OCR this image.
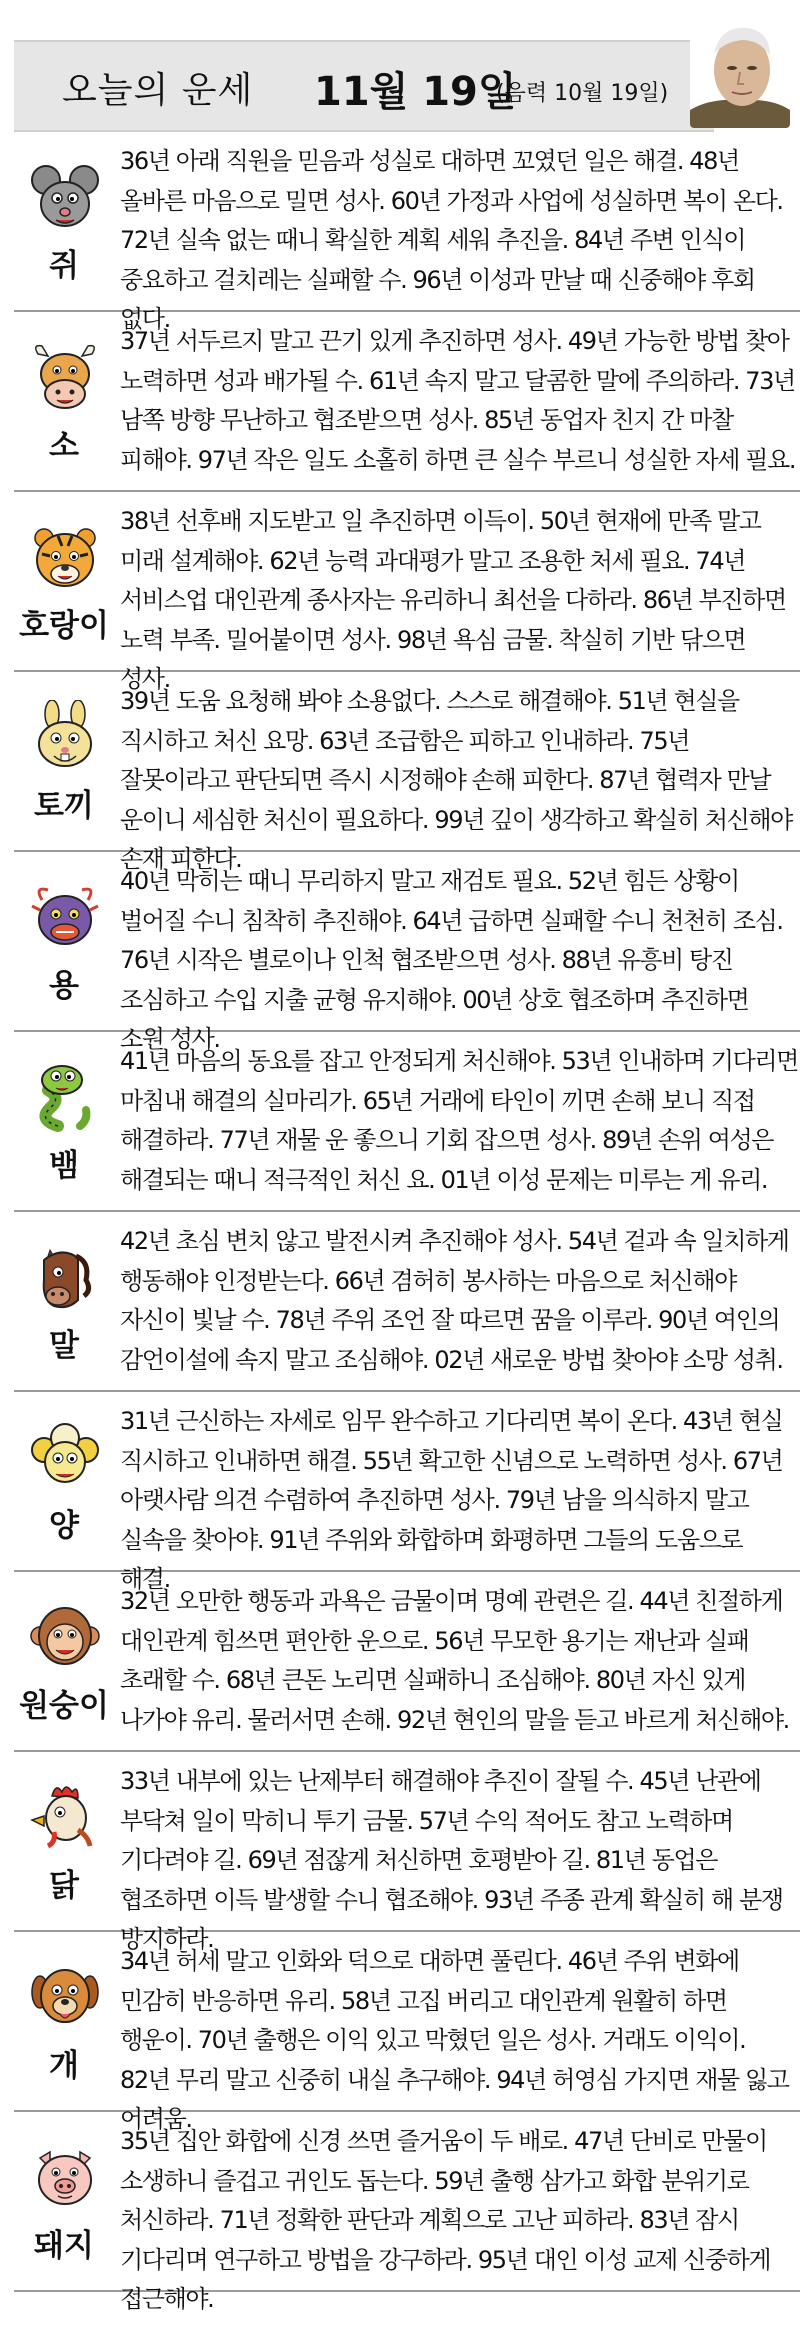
오늘의 운세 11월 19일
(음력 10월 19일)
쥐
36년 아래 직원을 믿음과 성실로 대하면 꼬였던 일은 해결. 48년 올바른 마음으로 밀면 성사. 60년 가정과 사업에 성실하면 복이 온다. 72년 실속 없는 때니 확실한 계획 세워 추진을. 84년 주변 인식이 중요하고 걸치레는 실패할 수. 96년 이성과 만날 때 신중해야 후회 없다.
소
37년 서두르지 말고 끈기 있게 추진하면 성사. 49년 가능한 방법 찾아 노력하면 성과 배가될 수. 61년 속지 말고 달콤한 말에 주의하라. 73년 남쪽 방향 무난하고 협조받으면 성사. 85년 동업자 친지 간 마찰 피해야. 97년 작은 일도 소홀히 하면 큰 실수 부르니 성실한 자세 필요.
호랑이
38년 선후배 지도받고 일 추진하면 이득이. 50년 현재에 만족 말고 미래 설계해야. 62년 능력 과대평가 말고 조용한 처세 필요. 74년 서비스업 대인관계 종사자는 유리하니 최선을 다하라. 86년 부진하면 노력 부족. 밀어붙이면 성사. 98년 욕심 금물. 착실히 기반 닦으면 성사.
토끼
39년 도움 요청해 봐야 소용없다. 스스로 해결해야. 51년 현실을 직시하고 처신 요망. 63년 조급함은 피하고 인내하라. 75년 잘못이라고 판단되면 즉시 시정해야 손해 피한다. 87년 협력자 만날 운이니 세심한 처신이 필요하다. 99년 깊이 생각하고 확실히 처신해야 손재 피한다.
용
40년 막히는 때니 무리하지 말고 재검토 필요. 52년 힘든 상황이 벌어질 수니 침착히 추진해야. 64년 급하면 실패할 수니 천천히 조심. 76년 시작은 별로이나 인척 협조받으면 성사. 88년 유흥비 탕진 조심하고 수입 지출 균형 유지해야. 00년 상호 협조하며 추진하면 소원 성사.
뱀
41년 마음의 동요를 잡고 안정되게 처신해야. 53년 인내하며 기다리면 마침내 해결의 실마리가. 65년 거래에 타인이 끼면 손해 보니 직접 해결하라. 77년 재물 운 좋으니 기회 잡으면 성사. 89년 손위 여성은 해결되는 때니 적극적인 처신 요. 01년 이성 문제는 미루는 게 유리.
말
42년 초심 변치 않고 발전시켜 추진해야 성사. 54년 겉과 속 일치하게 행동해야 인정받는다. 66년 겸허히 봉사하는 마음으로 처신해야 자신이 빛날 수. 78년 주위 조언 잘 따르면 꿈을 이루라. 90년 여인의 감언이설에 속지 말고 조심해야. 02년 새로운 방법 찾아야 소망 성취.
양
31년 근신하는 자세로 임무 완수하고 기다리면 복이 온다. 43년 현실 직시하고 인내하면 해결. 55년 확고한 신념으로 노력하면 성사. 67년 아랫사람 의견 수렴하여 추진하면 성사. 79년 남을 의식하지 말고 실속을 찾아야. 91년 주위와 화합하며 화평하면 그들의 도움으로 해결.
원숭이
32년 오만한 행동과 과욕은 금물이며 명예 관련은 길. 44년 친절하게 대인관계 힘쓰면 편안한 운으로. 56년 무모한 용기는 재난과 실패 초래할 수. 68년 큰돈 노리면 실패하니 조심해야. 80년 자신 있게 나가야 유리. 물러서면 손해. 92년 현인의 말을 듣고 바르게 처신해야.
닭
33년 내부에 있는 난제부터 해결해야 추진이 잘될 수. 45년 난관에 부닥쳐 일이 막히니 투기 금물. 57년 수익 적어도 참고 노력하며 기다려야 길. 69년 점잖게 처신하면 호평받아 길. 81년 동업은 협조하면 이득 발생할 수니 협조해야. 93년 주종 관계 확실히 해 분쟁 방지하라.
개
34년 허세 말고 인화와 덕으로 대하면 풀린다. 46년 주위 변화에 민감히 반응하면 유리. 58년 고집 버리고 대인관계 원활히 하면 행운이. 70년 출행은 이익 있고 막혔던 일은 성사. 거래도 이익이. 82년 무리 말고 신중히 내실 추구해야. 94년 허영심 가지면 재물 잃고 어려움.
돼지
35년 집안 화합에 신경 쓰면 즐거움이 두 배로. 47년 단비로 만물이 소생하니 즐겁고 귀인도 돕는다. 59년 출행 삼가고 화합 분위기로 처신하라. 71년 정확한 판단과 계획으로 고난 피하라. 83년 잠시 기다리며 연구하고 방법을 강구하라. 95년 대인 이성 교제 신중하게 접근해야.
